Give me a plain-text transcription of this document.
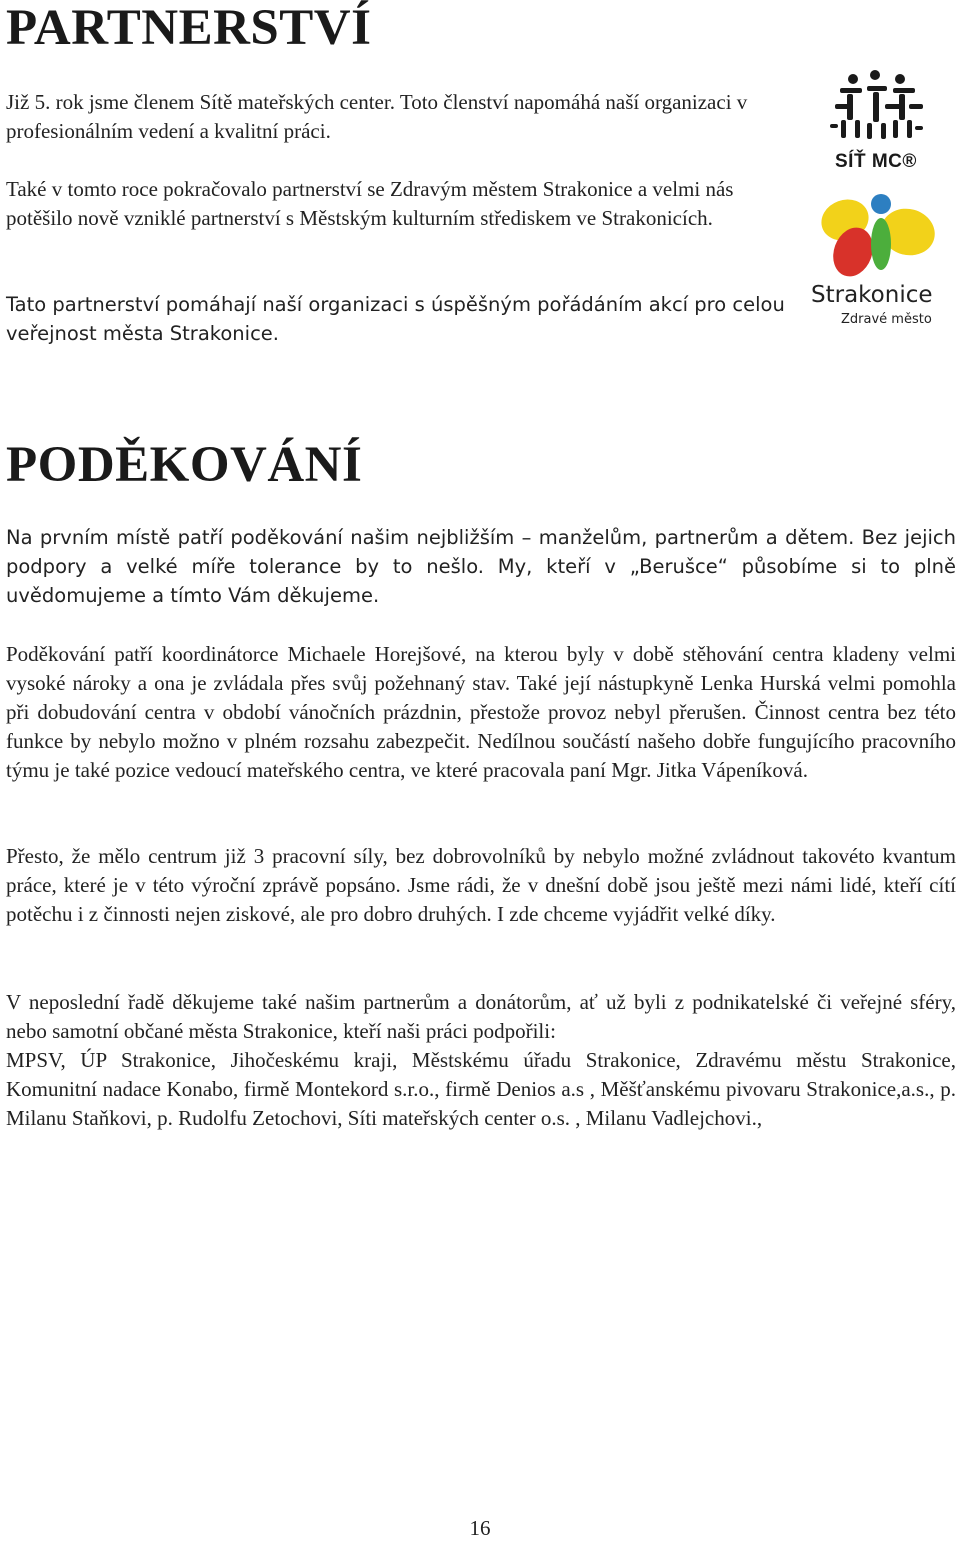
PARTNERSTVÍ

Již 5. rok jsme členem Sítě mateřských center. Toto členství napomáhá naší organizaci v profesionálním vedení a kvalitní práci.

Také v tomto roce pokračovalo partnerství se Zdravým městem Strakonice a velmi nás potěšilo nově vzniklé partnerství s Městským kulturním střediskem ve Strakonicích.

Tato partnerství pomáhají naší organizaci s úspěšným pořádáním akcí pro celou veřejnost města Strakonice.

SÍŤ MC®
Strakonice
Zdravé město
PODĚKOVÁNÍ

Na prvním místě patří poděkování našim nejbližším – manželům, partnerům a dětem. Bez jejich podpory a velké míře tolerance by to nešlo. My, kteří v „Berušce“ působíme si to plně uvědomujeme a tímto Vám děkujeme.

Poděkování patří koordinátorce Michaele Horejšové, na kterou byly v době stěhování centra kladeny velmi vysoké nároky a ona je zvládala přes svůj požehnaný stav. Také její nástupkyně Lenka Hurská velmi pomohla při dobudování centra v období vánočních prázdnin, přestože provoz nebyl přerušen. Činnost centra bez této funkce by nebylo možno v plném rozsahu zabezpečit. Nedílnou součástí našeho dobře fungujícího pracovního týmu je také pozice vedoucí mateřského centra, ve které pracovala paní Mgr. Jitka Vápeníková.

Přesto, že mělo centrum již 3 pracovní síly, bez dobrovolníků by nebylo možné zvládnout takovéto kvantum práce, které je v této výroční zprávě popsáno. Jsme rádi, že v dnešní době jsou ještě mezi námi lidé, kteří cítí potěchu i z činnosti nejen ziskové, ale pro dobro druhých. I zde chceme vyjádřit velké díky.

V neposlední řadě děkujeme také našim partnerům a donátorům, ať už byli z podnikatelské či veřejné sféry, nebo samotní občané města Strakonice, kteří naši práci podpořili:

MPSV, ÚP Strakonice, Jihočeskému kraji, Městskému úřadu Strakonice, Zdravému městu Strakonice, Komunitní nadace Konabo, firmě Montekord s.r.o., firmě Denios a.s , Měšťanskému pivovaru Strakonice,a.s., p. Milanu Staňkovi, p. Rudolfu Zetochovi, Síti mateřských center o.s. , Milanu Vadlejchovi.,

16
